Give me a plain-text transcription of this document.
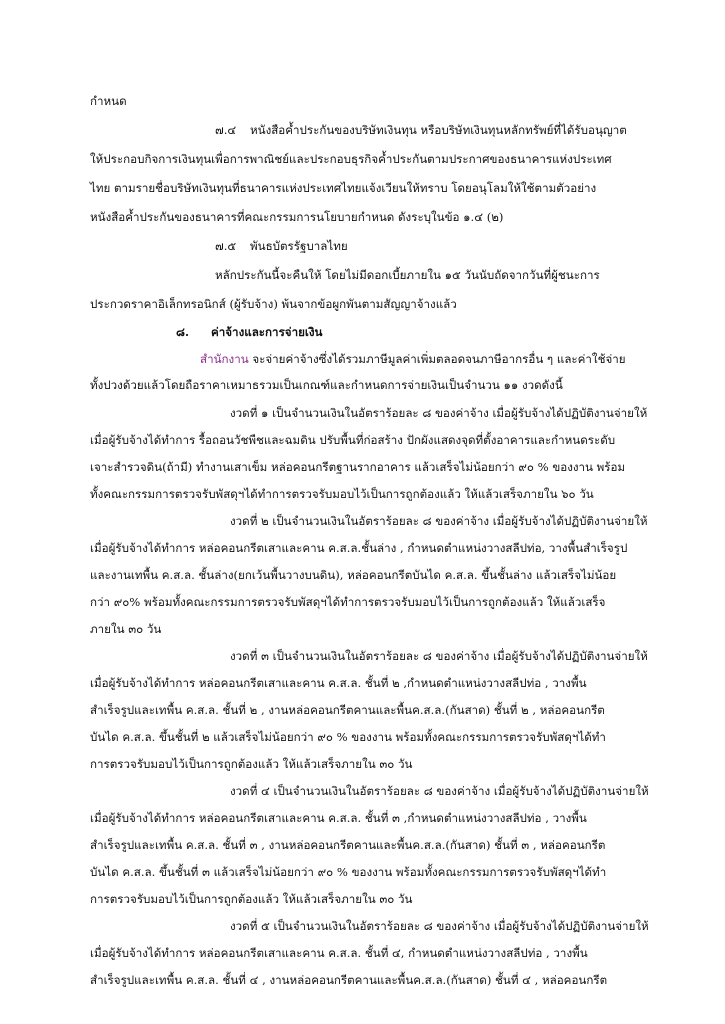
กำหนด
๗.๔ หนังสือค้ำประกันของบริษัทเงินทุน หรือบริษัทเงินทุนหลักทรัพย์ที่ได้รับอนุญาต
ให้ประกอบกิจการเงินทุนเพื่อการพาณิชย์และประกอบธุรกิจค้ำประกันตามประกาศของธนาคารแห่งประเทศ
ไทย ตามรายชื่อบริษัทเงินทุนที่ธนาคารแห่งประเทศไทยแจ้งเวียนให้ทราบ โดยอนุโลมให้ใช้ตามตัวอย่าง
หนังสือค้ำประกันของธนาคารที่คณะกรรมการนโยบายกำหนด ดังระบุในข้อ ๑.๔ (๒)
๗.๕ พันธบัตรรัฐบาลไทย
หลักประกันนี้จะคืนให้ โดยไม่มีดอกเบี้ยภายใน ๑๕ วันนับถัดจากวันที่ผู้ชนะการ
ประกวดราคาอิเล็กทรอนิกส์ (ผู้รับจ้าง) พ้นจากข้อผูกพันตามสัญญาจ้างแล้ว
๘. ค่าจ้างและการจ่ายเงิน
สำนักงาน จะจ่ายค่าจ้างซึ่งได้รวมภาษีมูลค่าเพิ่มตลอดจนภาษีอากรอื่น ๆ และค่าใช้จ่าย
ทั้งปวงด้วยแล้วโดยถือราคาเหมาธรวมเป็นเกณฑ์และกำหนดการจ่ายเงินเป็นจำนวน ๑๑ งวดดังนี้
งวดที่ ๑ เป็นจำนวนเงินในอัตราร้อยละ ๘ ของค่าจ้าง เมื่อผู้รับจ้างได้ปฏิบัติงานจ่ายให้
เมื่อผู้รับจ้างได้ทำการ รื้อถอนวัชพืชและฉมดิน ปรับพื้นที่ก่อสร้าง ปักผังแสดงจุดที่ตั้งอาคารและกำหนดระดับ
เจาะสำรวจดิน(ถ้ามี) ทำงานเสาเข็ม หล่อคอนกรีตฐานรากอาคาร แล้วเสร็จไม่น้อยกว่า ๙๐ % ของงาน พร้อม
ทั้งคณะกรรมการตรวจรับพัสดุฯได้ทำการตรวจรับมอบไว้เป็นการถูกต้องแล้ว ให้แล้วเสร็จภายใน ๖๐ วัน
งวดที่ ๒ เป็นจำนวนเงินในอัตราร้อยละ ๘ ของค่าจ้าง เมื่อผู้รับจ้างได้ปฏิบัติงานจ่ายให้
เมื่อผู้รับจ้างได้ทำการ หล่อคอนกรีตเสาและคาน ค.ส.ล.ชั้นล่าง , กำหนดตำแหน่งวางสลีปท่อ, วางพื้นสำเร็จรูป
และงานเทพื้น ค.ส.ล. ชั้นล่าง(ยกเว้นพื้นวางบนดิน), หล่อคอนกรีตบันได ค.ส.ล. ขึ้นชั้นล่าง แล้วเสร็จไม่น้อย
กว่า ๙๐% พร้อมทั้งคณะกรรมการตรวจรับพัสดุฯได้ทำการตรวจรับมอบไว้เป็นการถูกต้องแล้ว ให้แล้วเสร็จ
ภายใน ๓๐ วัน
งวดที่ ๓ เป็นจำนวนเงินในอัตราร้อยละ ๘ ของค่าจ้าง เมื่อผู้รับจ้างได้ปฏิบัติงานจ่ายให้
เมื่อผู้รับจ้างได้ทำการ หล่อคอนกรีตเสาและคาน ค.ส.ล. ชั้นที่ ๒ ,กำหนดตำแหน่งวางสลีปท่อ , วางพื้น
สำเร็จรูปและเทพื้น ค.ส.ล. ชั้นที่ ๒ , งานหล่อคอนกรีตคานและพื้นค.ส.ล.(กันสาด) ชั้นที่ ๒ , หล่อคอนกรีต
บันได ค.ส.ล. ขึ้นชั้นที่ ๒ แล้วเสร็จไม่น้อยกว่า ๙๐ % ของงาน พร้อมทั้งคณะกรรมการตรวจรับพัสดุฯได้ทำ
การตรวจรับมอบไว้เป็นการถูกต้องแล้ว ให้แล้วเสร็จภายใน ๓๐ วัน
งวดที่ ๔ เป็นจำนวนเงินในอัตราร้อยละ ๘ ของค่าจ้าง เมื่อผู้รับจ้างได้ปฏิบัติงานจ่ายให้
เมื่อผู้รับจ้างได้ทำการ หล่อคอนกรีตเสาและคาน ค.ส.ล. ชั้นที่ ๓ ,กำหนดตำแหน่งวางสลีปท่อ , วางพื้น
สำเร็จรูปและเทพื้น ค.ส.ล. ชั้นที่ ๓ , งานหล่อคอนกรีตคานและพื้นค.ส.ล.(กันสาด) ชั้นที่ ๓ , หล่อคอนกรีต
บันได ค.ส.ล. ขึ้นชั้นที่ ๓ แล้วเสร็จไม่น้อยกว่า ๙๐ % ของงาน พร้อมทั้งคณะกรรมการตรวจรับพัสดุฯได้ทำ
การตรวจรับมอบไว้เป็นการถูกต้องแล้ว ให้แล้วเสร็จภายใน ๓๐ วัน
งวดที่ ๕ เป็นจำนวนเงินในอัตราร้อยละ ๘ ของค่าจ้าง เมื่อผู้รับจ้างได้ปฏิบัติงานจ่ายให้
เมื่อผู้รับจ้างได้ทำการ หล่อคอนกรีตเสาและคาน ค.ส.ล. ชั้นที่ ๔, กำหนดตำแหน่งวางสลีปท่อ , วางพื้น
สำเร็จรูปและเทพื้น ค.ส.ล. ชั้นที่ ๔ , งานหล่อคอนกรีตคานและพื้นค.ส.ล.(กันสาด) ชั้นที่ ๔ , หล่อคอนกรีต
